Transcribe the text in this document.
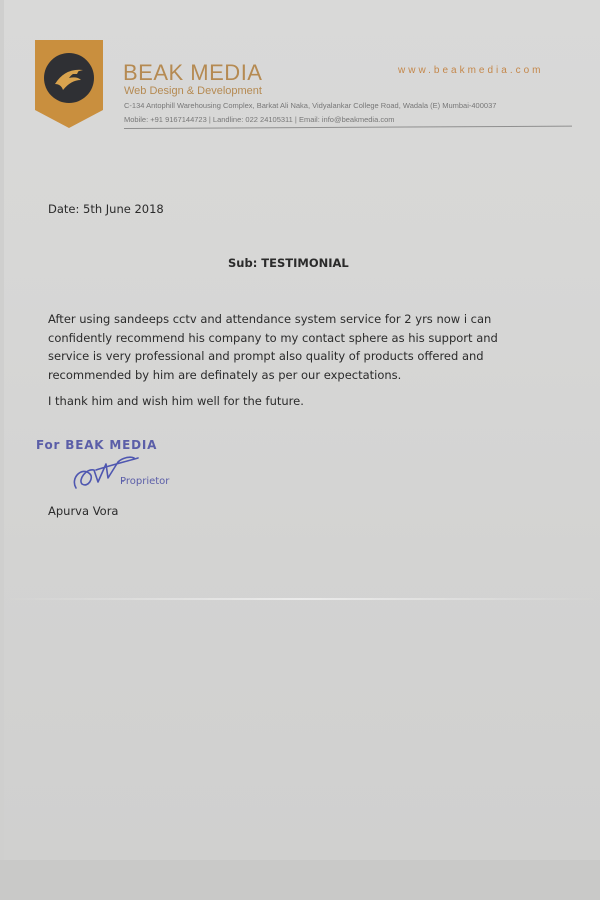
BEAK MEDIA
Web Design & Development
www.beakmedia.com
C-134 Antophill Warehousing Complex, Barkat Ali Naka, Vidyalankar College Road, Wadala (E) Mumbai-400037
Mobile: +91 9167144723 | Landline: 022 24105311 | Email: info@beakmedia.com
Date: 5th June 2018
Sub: TESTIMONIAL
After using sandeeps cctv and attendance system service for 2 yrs now i can confidently recommend his company to my contact sphere as his support and service is very professional and prompt also quality of products offered and recommended by him are definately as per our expectations.
I thank him and wish him well for the future.
For BEAK MEDIA
Proprietor
Apurva Vora
